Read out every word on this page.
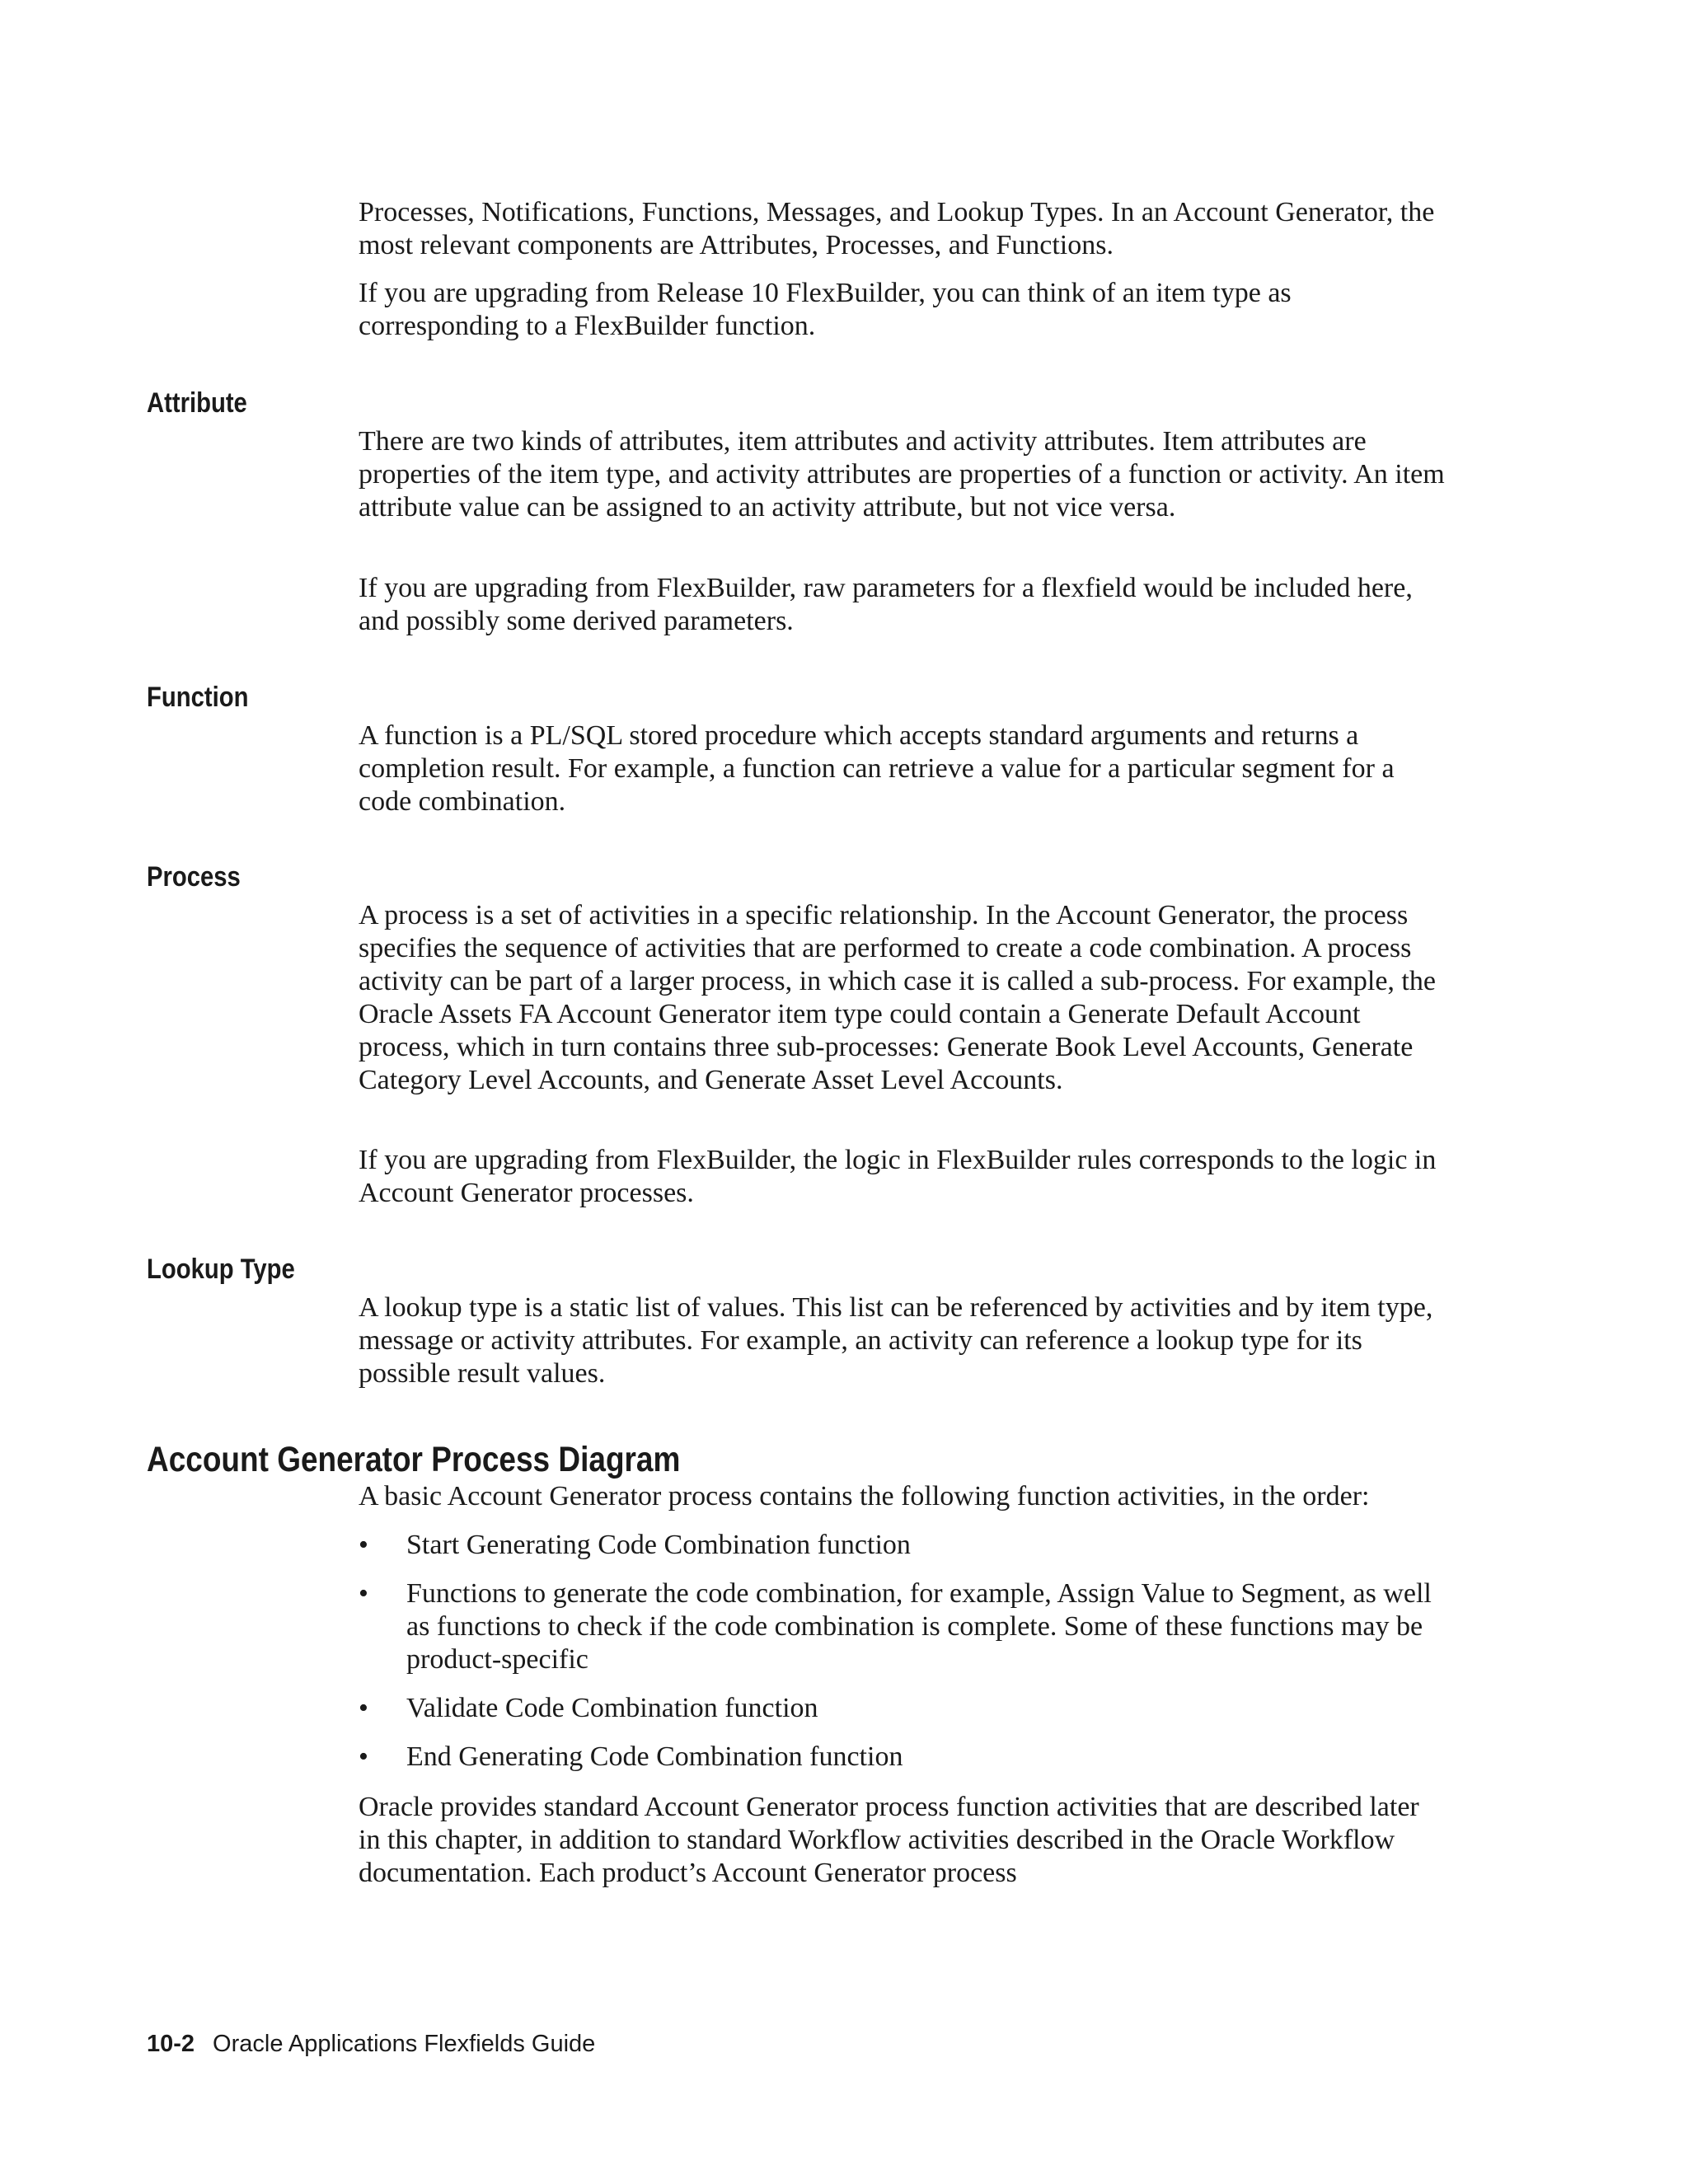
Processes, Notifications, Functions, Messages, and Lookup Types. In an Account Generator, the most relevant components are Attributes, Processes, and Functions.

If you are upgrading from Release 10 FlexBuilder, you can think of an item type as corresponding to a FlexBuilder function.

Attribute

There are two kinds of attributes, item attributes and activity attributes. Item attributes are properties of the item type, and activity attributes are properties of a function or activity. An item attribute value can be assigned to an activity attribute, but not vice versa.

If you are upgrading from FlexBuilder, raw parameters for a flexfield would be included here, and possibly some derived parameters.

Function

A function is a PL/SQL stored procedure which accepts standard arguments and returns a completion result. For example, a function can retrieve a value for a particular segment for a code combination.

Process

A process is a set of activities in a specific relationship. In the Account Generator, the process specifies the sequence of activities that are performed to create a code combination. A process activity can be part of a larger process, in which case it is called a sub-process. For example, the Oracle Assets FA Account Generator item type could contain a Generate Default Account process, which in turn contains three sub-processes: Generate Book Level Accounts, Generate Category Level Accounts, and Generate Asset Level Accounts.

If you are upgrading from FlexBuilder, the logic in FlexBuilder rules corresponds to the logic in Account Generator processes.

Lookup Type

A lookup type is a static list of values. This list can be referenced by activities and by item type, message or activity attributes. For example, an activity can reference a lookup type for its possible result values.

Account Generator Process Diagram

A basic Account Generator process contains the following function activities, in the order:

• Start Generating Code Combination function
• Functions to generate the code combination, for example, Assign Value to Segment, as well as functions to check if the code combination is complete. Some of these functions may be product-specific
• Validate Code Combination function
• End Generating Code Combination function

Oracle provides standard Account Generator process function activities that are described later in this chapter, in addition to standard Workflow activities described in the Oracle Workflow documentation. Each product’s Account Generator process

10-2 Oracle Applications Flexfields Guide
